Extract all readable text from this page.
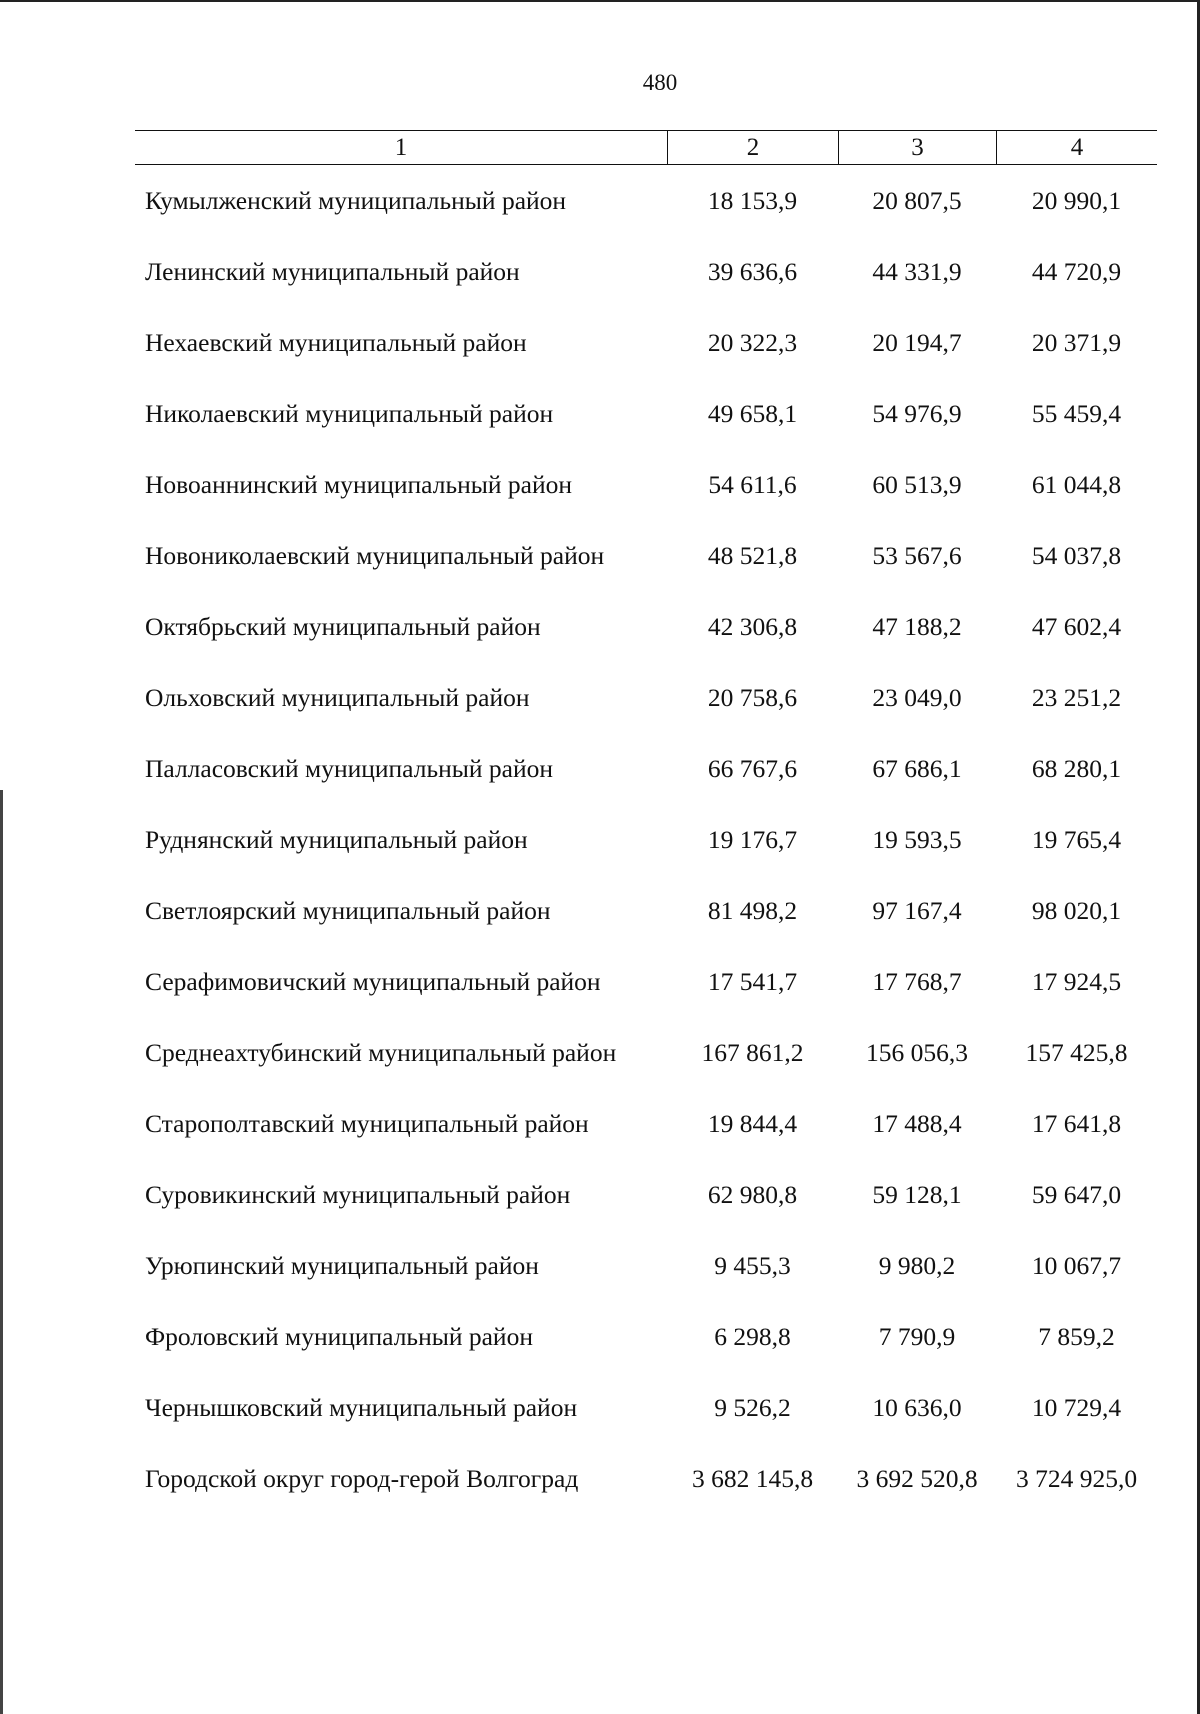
480
1	2	3	4
Кумылженский муниципальный район	18 153,9	20 807,5	20 990,1
Ленинский муниципальный район	39 636,6	44 331,9	44 720,9
Нехаевский муниципальный район	20 322,3	20 194,7	20 371,9
Николаевский муниципальный район	49 658,1	54 976,9	55 459,4
Новоаннинский муниципальный район	54 611,6	60 513,9	61 044,8
Новониколаевский муниципальный район	48 521,8	53 567,6	54 037,8
Октябрьский муниципальный район	42 306,8	47 188,2	47 602,4
Ольховский муниципальный район	20 758,6	23 049,0	23 251,2
Палласовский муниципальный район	66 767,6	67 686,1	68 280,1
Руднянский муниципальный район	19 176,7	19 593,5	19 765,4
Светлоярский муниципальный район	81 498,2	97 167,4	98 020,1
Серафимовичский муниципальный район	17 541,7	17 768,7	17 924,5
Среднеахтубинский муниципальный район	167 861,2	156 056,3	157 425,8
Старополтавский муниципальный район	19 844,4	17 488,4	17 641,8
Суровикинский муниципальный район	62 980,8	59 128,1	59 647,0
Урюпинский муниципальный район	9 455,3	9 980,2	10 067,7
Фроловский муниципальный район	6 298,8	7 790,9	7 859,2
Чернышковский муниципальный район	9 526,2	10 636,0	10 729,4
Городской округ город-герой Волгоград	3 682 145,8	3 692 520,8	3 724 925,0
